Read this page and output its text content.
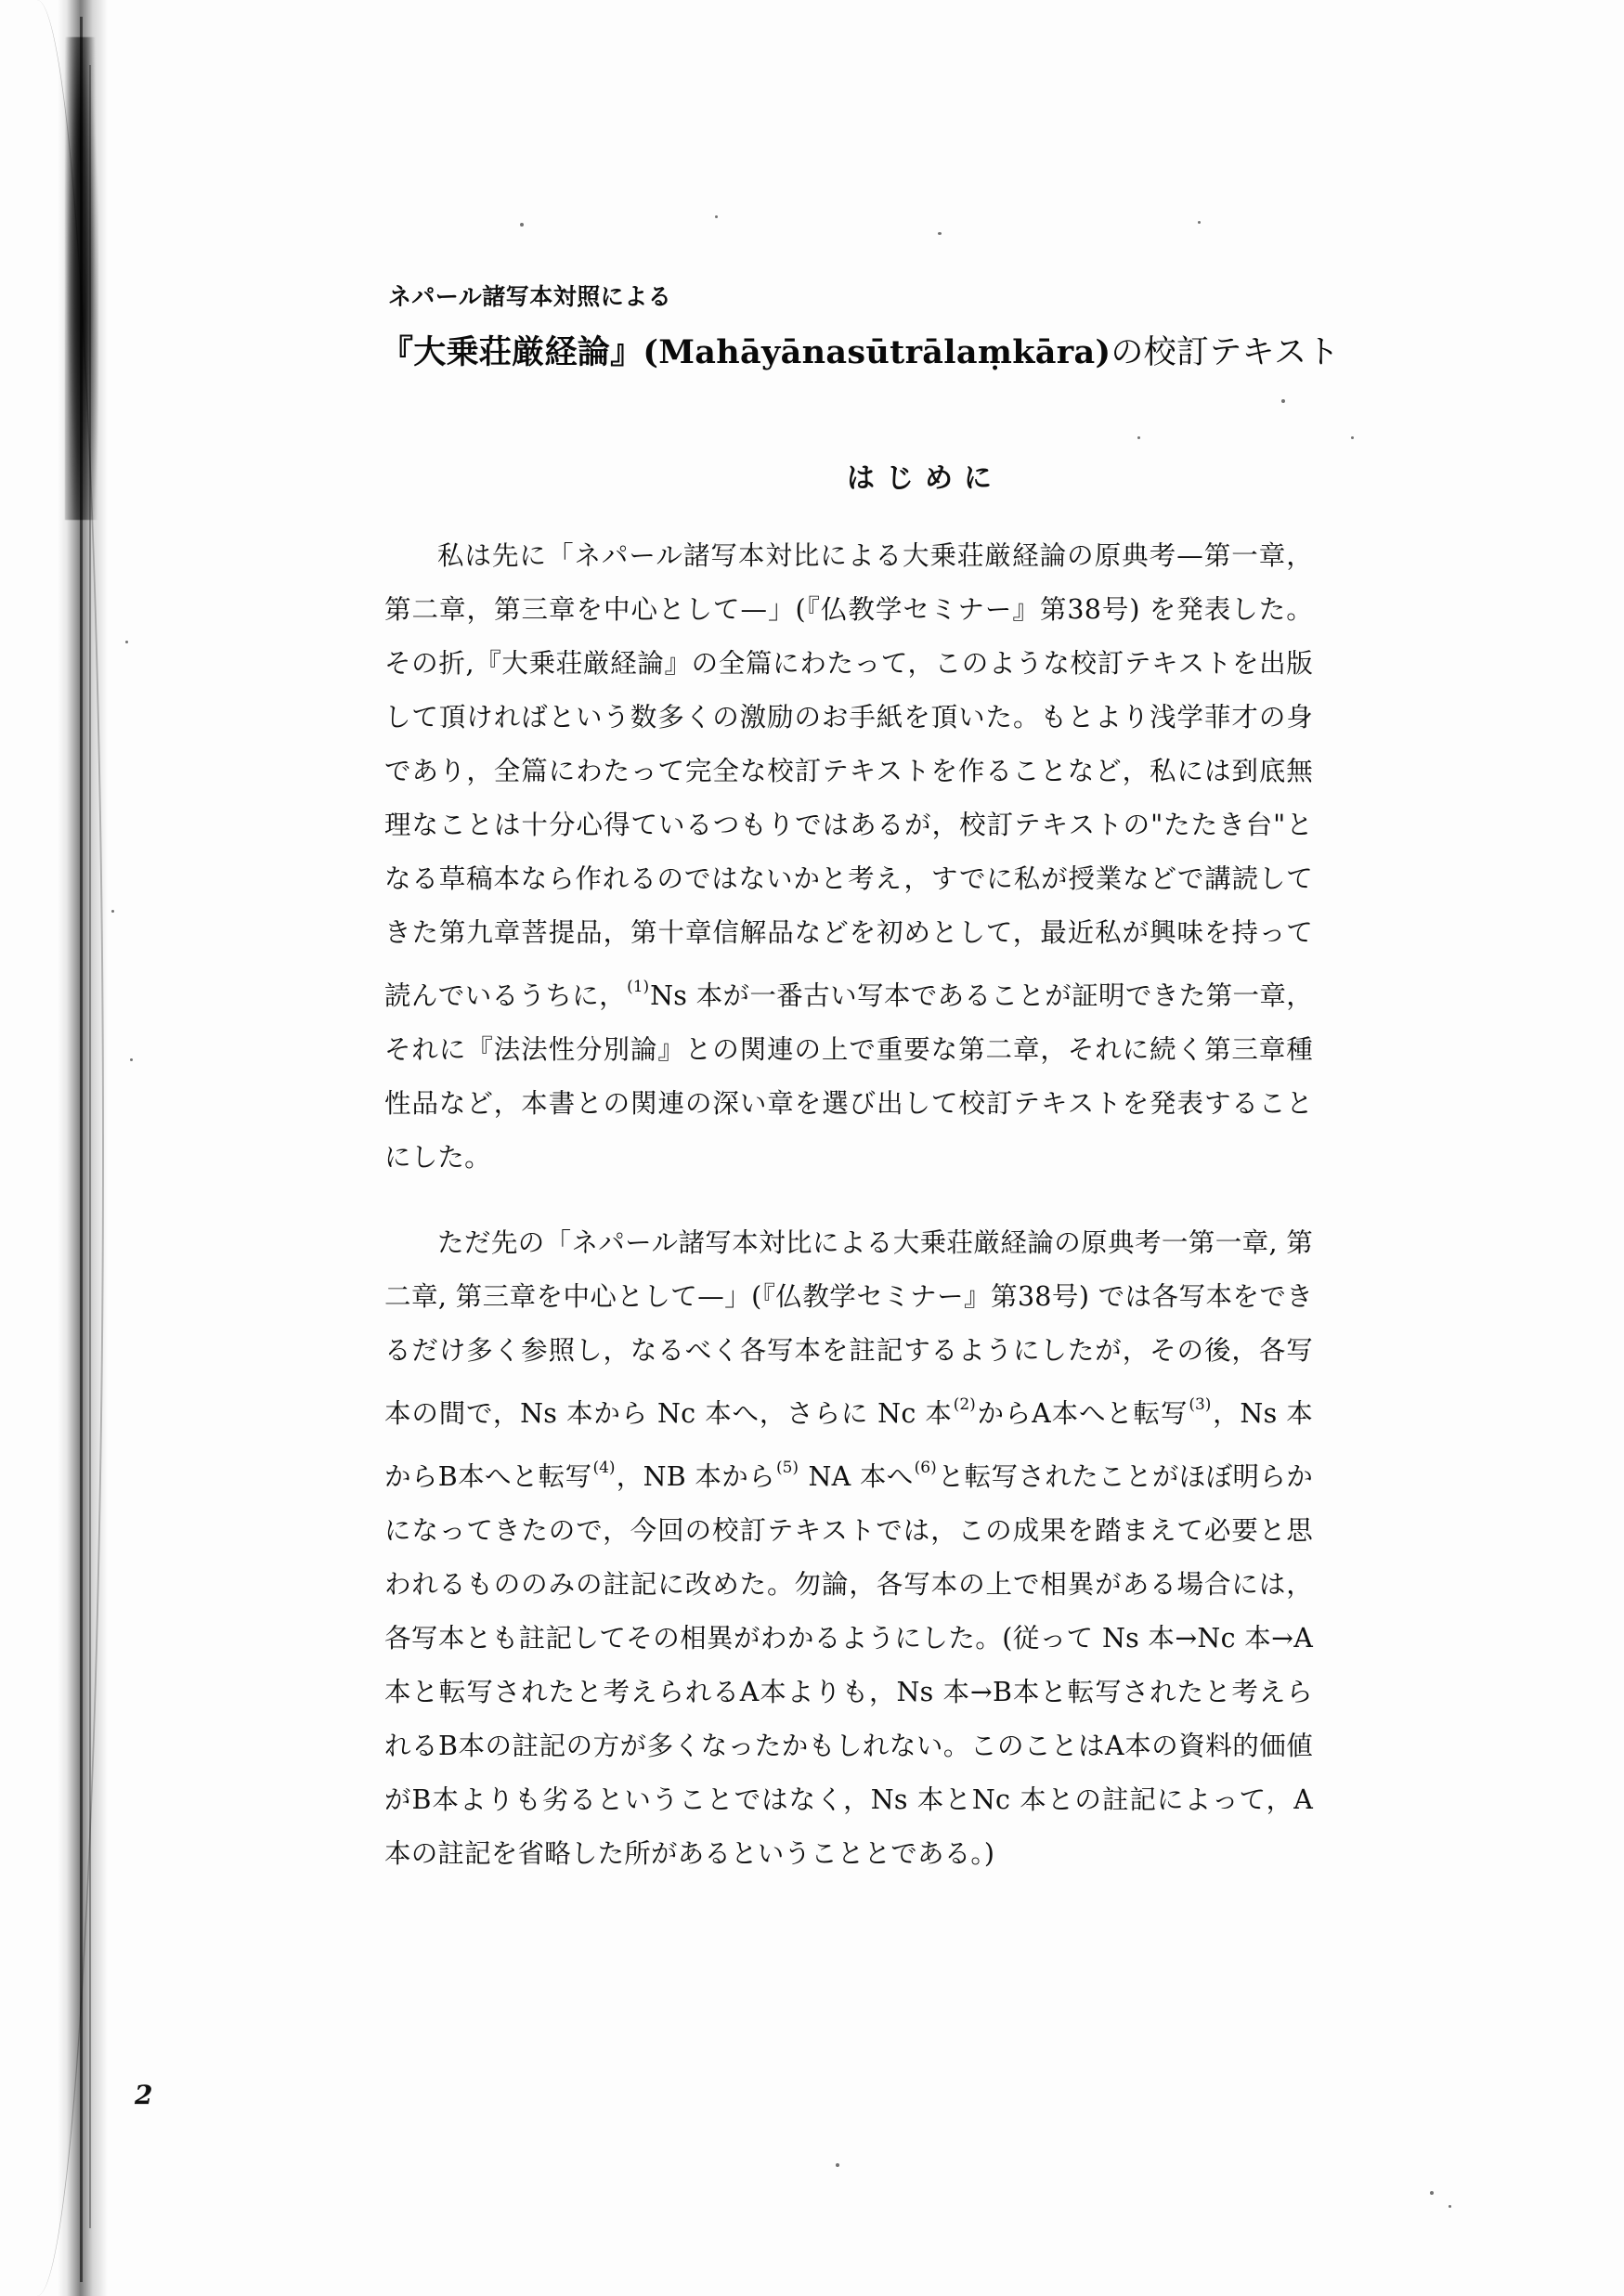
ネパール諸写本対照による
『大乗荘厳経論』(Mahāyānasūtrālaṃkāra)の校訂テキスト
はじめに

私は先に「ネパール諸写本対比による大乗荘厳経論の原典考—第一章，第二章，第三章を中心として—」(『仏教学セミナー』第38号) を発表した。その折,『大乗荘厳経論』の全篇にわたって，このような校訂テキストを出版して頂ければという数多くの激励のお手紙を頂いた。もとより浅学菲才の身であり，全篇にわたって完全な校訂テキストを作ることなど，私には到底無理なことは十分心得ているつもりではあるが，校訂テキストの"たたき台"となる草稿本なら作れるのではないかと考え，すでに私が授業などで講読してきた第九章菩提品，第十章信解品などを初めとして，最近私が興味を持って読んでいるうちに，$^{(1)}$Ns 本が一番古い写本であることが証明できた第一章，それに『法法性分別論』との関連の上で重要な第二章，それに続く第三章種性品など，本書との関連の深い章を選び出して校訂テキストを発表することにした。

ただ先の「ネパール諸写本対比による大乗荘厳経論の原典考一第一章, 第二章, 第三章を中心として—」(『仏教学セミナー』第38号) では各写本をできるだけ多く参照し，なるべく各写本を註記するようにしたが，その後，各写本の間で，Ns 本から Nc 本へ，さらに Nc 本$^{(2)}$からA本へと転写$^{(3)}$，Ns 本からB本へと転写$^{(4)}$，NB 本から$^{(5)}$ NA 本へ$^{(6)}$と転写されたことがほぼ明らかになってきたので，今回の校訂テキストでは，この成果を踏まえて必要と思われるもののみの註記に改めた。勿論，各写本の上で相異がある場合には，各写本とも註記してその相異がわかるようにした。(従って Ns 本→Nc 本→A本と転写されたと考えられるA本よりも，Ns 本→B本と転写されたと考えられるB本の註記の方が多くなったかもしれない。このことはA本の資料的価値がB本よりも劣るということではなく，Ns 本とNc 本との註記によって，A本の註記を省略した所があるということとである。)

2
